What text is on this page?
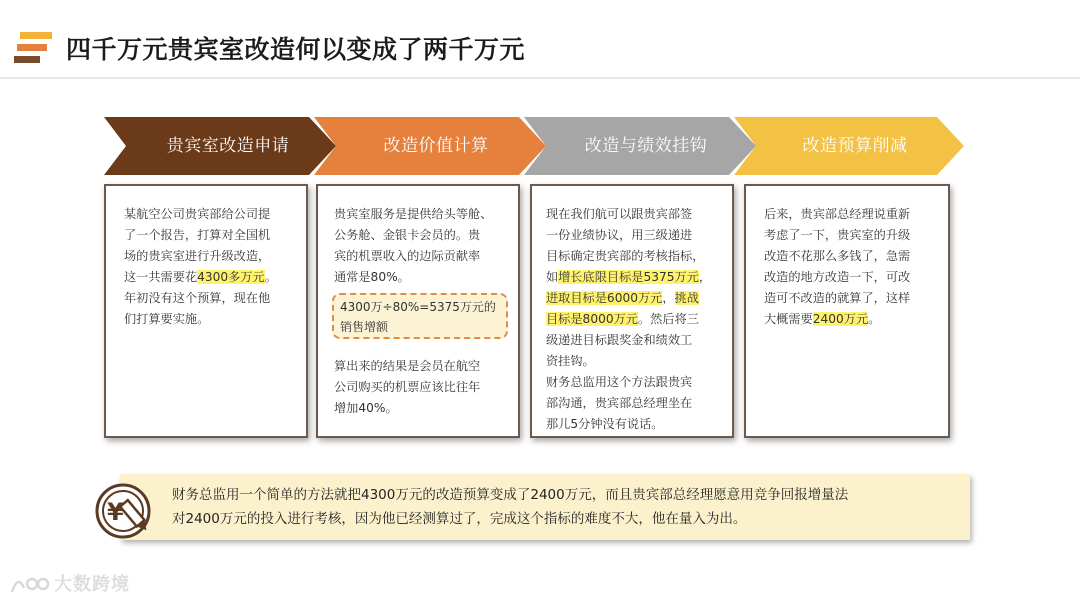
四千万元贵宾室改造何以变成了两千万元
贵宾室改造申请	改造价值计算	改造与绩效挂钩	改造预算削减

某航空公司贵宾部给公司提
了一个报告，打算对全国机
场的贵宾室进行升级改造，
这一共需要花4300多万元。
年初没有这个预算，现在他
们打算要实施。

贵宾室服务是提供给头等舱、
公务舱、金银卡会员的。贵
宾的机票收入的边际贡献率
通常是80%。

4300万÷80%=5375万元的
销售增额

算出来的结果是会员在航空
公司购买的机票应该比往年
增加40%。

现在我们航可以跟贵宾部签
一份业绩协议，用三级递进
目标确定贵宾部的考核指标，
如增长底限目标是5375万元，
进取目标是6000万元，挑战
目标是8000万元。然后将三
级递进目标跟奖金和绩效工
资挂钩。
财务总监用这个方法跟贵宾
部沟通，贵宾部总经理坐在
那儿5分钟没有说话。

后来，贵宾部总经理说重新
考虑了一下，贵宾室的升级
改造不花那么多钱了，急需
改造的地方改造一下，可改
造可不改造的就算了，这样
大概需要2400万元。

财务总监用一个简单的方法就把4300万元的改造预算变成了2400万元，而且贵宾部总经理愿意用竞争回报增量法
对2400万元的投入进行考核，因为他已经测算过了，完成这个指标的难度不大，他在量入为出。

¥
大数跨境
